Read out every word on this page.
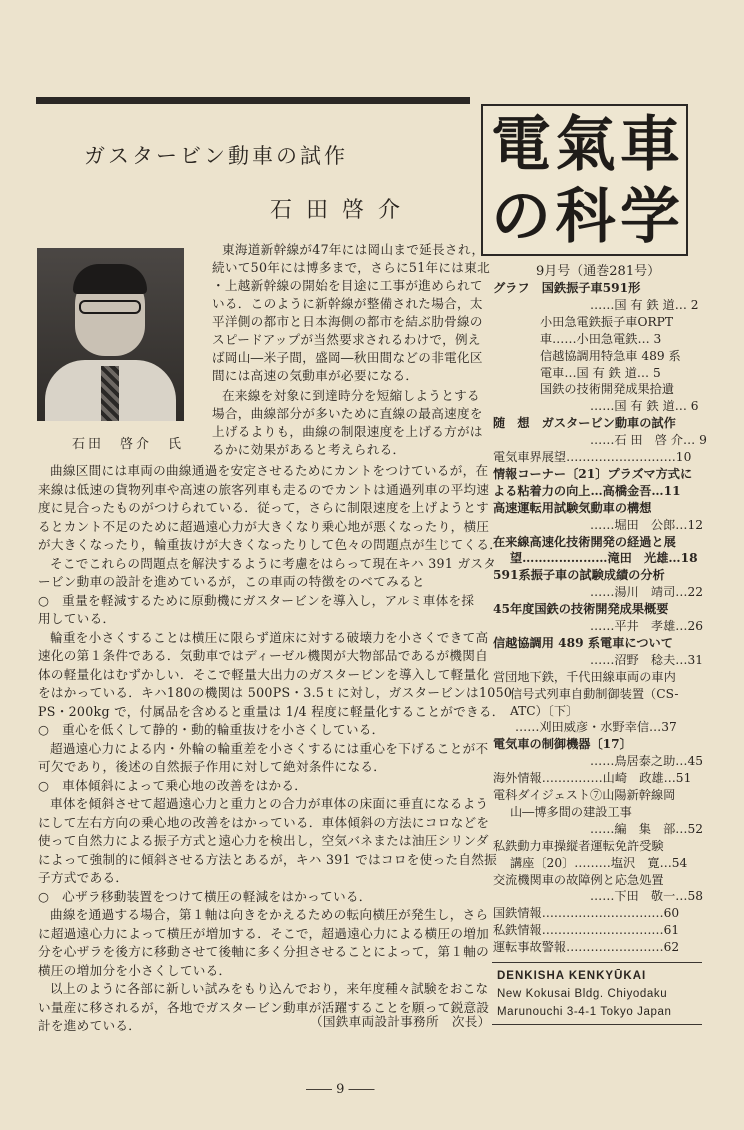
電 氣 車
の 科 学
ガスタービン動車の試作
石田啓介
石田　啓介　氏
東海道新幹線が47年には岡山まで延長され，
続いて50年には博多まで，さらに51年には東北
・上越新幹線の開始を目途に工事が進められて
いる．このように新幹線が整備された場合，太
平洋側の都市と日本海側の都市を結ぶ肋骨線の
スピードアップが当然要求されるわけで，例え
ば岡山―米子間，盛岡―秋田間などの非電化区
間には高速の気動車が必要になる．
在来線を対象に到達時分を短縮しようとする
場合，曲線部分が多いために直線の最高速度を
上げるよりも，曲線の制限速度を上げる方がは
るかに効果があると考えられる．
曲線区間には車両の曲線通過を安定させるためにカントをつけているが，在
来線は低速の貨物列車や高速の旅客列車も走るのでカントは通過列車の平均速
度に見合ったものがつけられている．従って，さらに制限速度を上げようとす
るとカント不足のために超過遠心力が大きくなり乗心地が悪くなったり，横圧
が大きくなったり，輪重抜けが大きくなったりして色々の問題点が生じてくる．
そこでこれらの問題点を解決するように考慮をはらって現在キハ 391 ガスタ
ービン動車の設計を進めているが，この車両の特徴をのべてみると
○　重量を軽減するために原動機にガスタービンを導入し，アルミ車体を採
用している．
輪重を小さくすることは横圧に限らず道床に対する破壊力を小さくできて高
速化の第１条件である．気動車ではディーゼル機関が大物部品であるが機関自
体の軽量化はむずかしい．そこで軽量大出力のガスタービンを導入して軽量化
をはかっている．キハ180の機関は 500PS・3.5ｔに対し，ガスタービンは1050
PS・200kg で，付属品を含めると重量は 1/4 程度に軽量化することができる．
○　重心を低くして静的・動的輪重抜けを小さくしている．
超過遠心力による内・外輪の輪重差を小さくするには重心を下げることが不
可欠であり，後述の自然振子作用に対して絶対条件になる．
○　車体傾斜によって乗心地の改善をはかる．
車体を傾斜させて超過遠心力と重力との合力が車体の床面に垂直になるよう
にして左右方向の乗心地の改善をはかっている．車体傾斜の方法にコロなどを
使って自然力による振子方式と遠心力を検出し，空気バネまたは油圧シリンダ
によって強制的に傾斜させる方法とあるが，キハ 391 ではコロを使った自然振
子方式である．
○　心ザラ移動装置をつけて横圧の軽減をはかっている．
曲線を通過する場合，第１軸は向きをかえるための転向横圧が発生し，さら
に超過遠心力によって横圧が増加する．そこで，超過遠心力による横圧の増加
分を心ザラを後方に移動させて後軸に多く分担させることによって，第１軸の
横圧の増加分を小さくしている．
以上のように各部に新しい試みをもり込んでおり，来年度種々試験をおこな
い量産に移されるが，各地でガスタービン動車が活躍することを願って鋭意設
計を進めている．	（国鉄車両設計事務所　次長）
―― 9 ――
9月号（通巻281号）
グラフ　国鉄振子車591形
……国 有 鉄 道… 2
小田急電鉄振子車ORPT
車……小田急電鉄… 3
信越協調用特急車 489 系
電車…国 有 鉄 道… 5
国鉄の技術開発成果拾遺
……国 有 鉄 道… 6
随　想　ガスタービン動車の試作
……石 田　啓 介… 9
電気車界展望………………………10
情報コーナー〔21〕プラズマ方式に
よる粘着力の向上…高橋金吾…11
高速運転用試験気動車の構想
……堀田　公郎…12
在来線高速化技術開発の経過と展
望…………………滝田　光雄…18
591系振子車の試験成績の分析
……湯川　靖司…22
45年度国鉄の技術開発成果概要
……平井　孝雄…26
信越協調用 489 系電車について
……沼野　稔夫…31
営団地下鉄，千代田線車両の車内
信号式列車自動制御装置（CS-
ATC）〔下〕
……刈田威彦・水野幸信…37
電気車の制御機器〔17〕
……鳥居泰之助…45
海外情報……………山崎　政雄…51
電科ダイジェスト⑦山陽新幹線岡
山―博多間の建設工事
……編　集　部…52
私鉄動力車操縦者運転免許受験
講座〔20〕………塩沢　寛…54
交流機関車の故障例と応急処置
……下田　敬一…58
国鉄情報…………………………60
私鉄情報…………………………61
運転事故警報……………………62
DENKISHA KENKYŪKAI
New Kokusai Bldg. Chiyodaku
Marunouchi 3-4-1 Tokyo Japan
